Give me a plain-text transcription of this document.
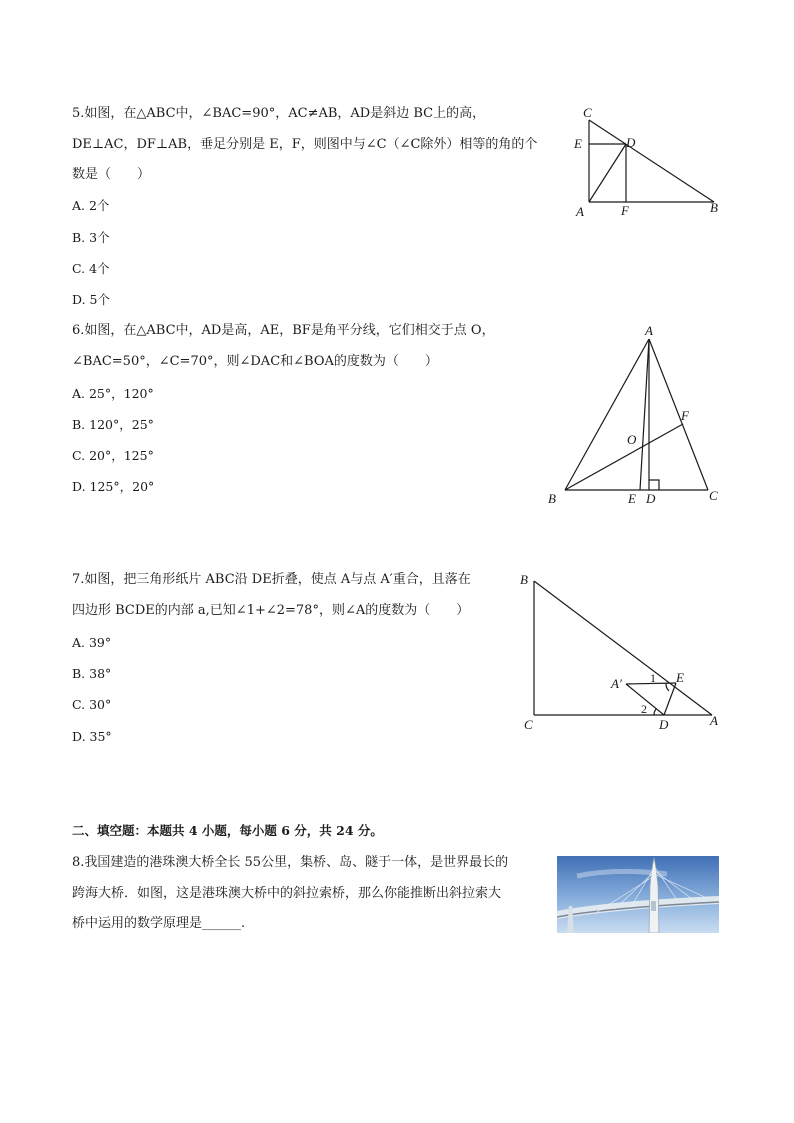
5.如图，在△ABC中，∠BAC=90°，AC≠AB，AD是斜边 BC上的高，
DE⊥AC，DF⊥AB，垂足分别是 E，F，则图中与∠C（∠C除外）相等的角的个
数是（　　）
A. 2个
B. 3个
C. 4个
D. 5个
C
E	D
A	F	B
6.如图，在△ABC中，AD是高，AE，BF是角平分线，它们相交于点 O，
∠BAC=50°，∠C=70°，则∠DAC和∠BOA的度数为（　　）
A. 25°，120°
B. 120°，25°
C. 20°，125°
D. 125°，20°
A
F
O
B	E D	C
7.如图，把三角形纸片 ABC沿 DE折叠，使点 A与点 A′重合，且落在
四边形 BCDE的内部 a,已知∠1+∠2=78°，则∠A的度数为（　　）
A. 39°
B. 38°
C. 30°
D. 35°
B
A′ 1 E
2
C	D	A
二、填空题：本题共 4 小题，每小题 6 分，共 24 分。
8.我国建造的港珠澳大桥全长 55公里，集桥、岛、隧于一体，是世界最长的
跨海大桥．如图，这是港珠澳大桥中的斜拉索桥，那么你能推断出斜拉索大
桥中运用的数学原理是______.
